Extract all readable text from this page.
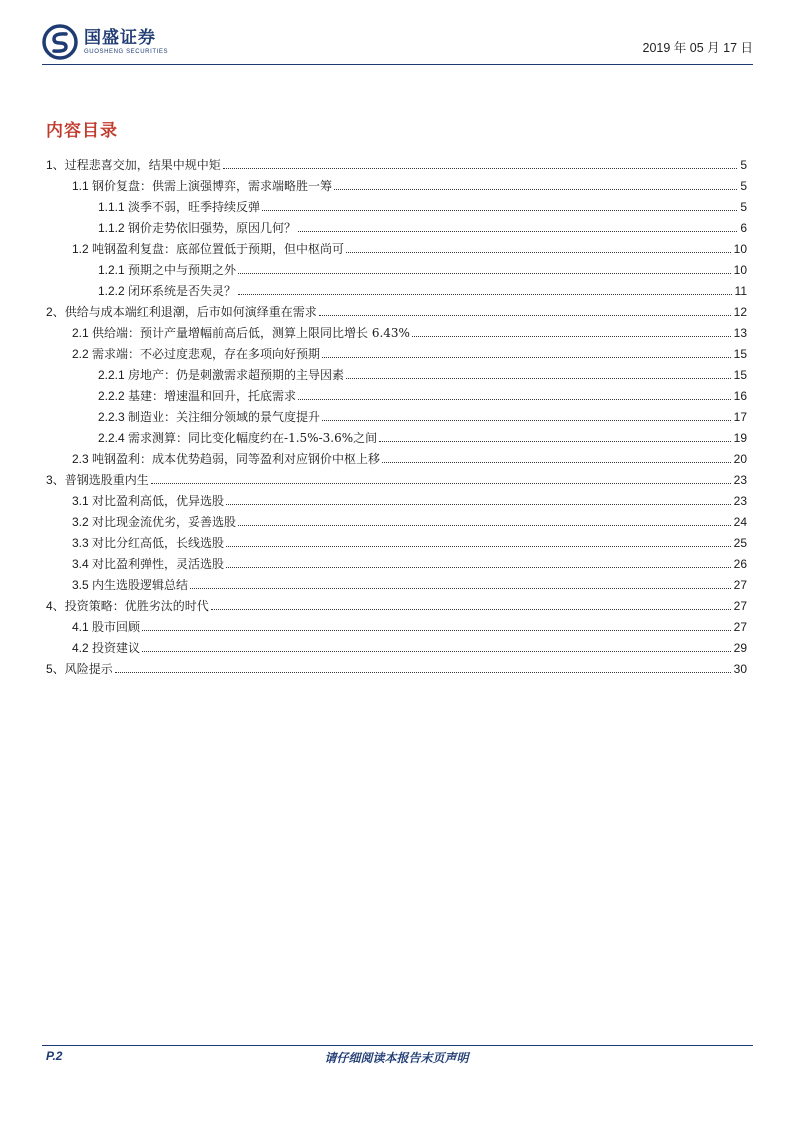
国盛证券
GUOSHENG SECURITIES	2019 年 05 月 17 日
内容目录
1、 过程悲喜交加，结果中规中矩	5
1.1 钢价复盘：供需上演强博弈，需求端略胜一筹	5
1.1.1 淡季不弱，旺季持续反弹	5
1.1.2 钢价走势依旧强势，原因几何？	6
1.2 吨钢盈利复盘：底部位置低于预期，但中枢尚可	10
1.2.1 预期之中与预期之外	10
1.2.2 闭环系统是否失灵？	11
2、 供给与成本端红利退潮，后市如何演绎重在需求	12
2.1 供给端：预计产量增幅前高后低，测算上限同比增长 6.43%	13
2.2 需求端：不必过度悲观，存在多项向好预期	15
2.2.1 房地产：仍是刺激需求超预期的主导因素	15
2.2.2 基建：增速温和回升，托底需求	16
2.2.3 制造业：关注细分领域的景气度提升	17
2.2.4 需求测算：同比变化幅度约在-1.5%-3.6%之间	19
2.3 吨钢盈利：成本优势趋弱，同等盈利对应钢价中枢上移	20
3、 普钢选股重内生	23
3.1 对比盈利高低，优异选股	23
3.2 对比现金流优劣，妥善选股	24
3.3 对比分红高低，长线选股	25
3.4 对比盈利弹性，灵活选股	26
3.5 内生选股逻辑总结	27
4、 投资策略：优胜劣汰的时代	27
4.1 股市回顾	27
4.2 投资建议	29
5、 风险提示	30
P.2	请仔细阅读本报告末页声明
